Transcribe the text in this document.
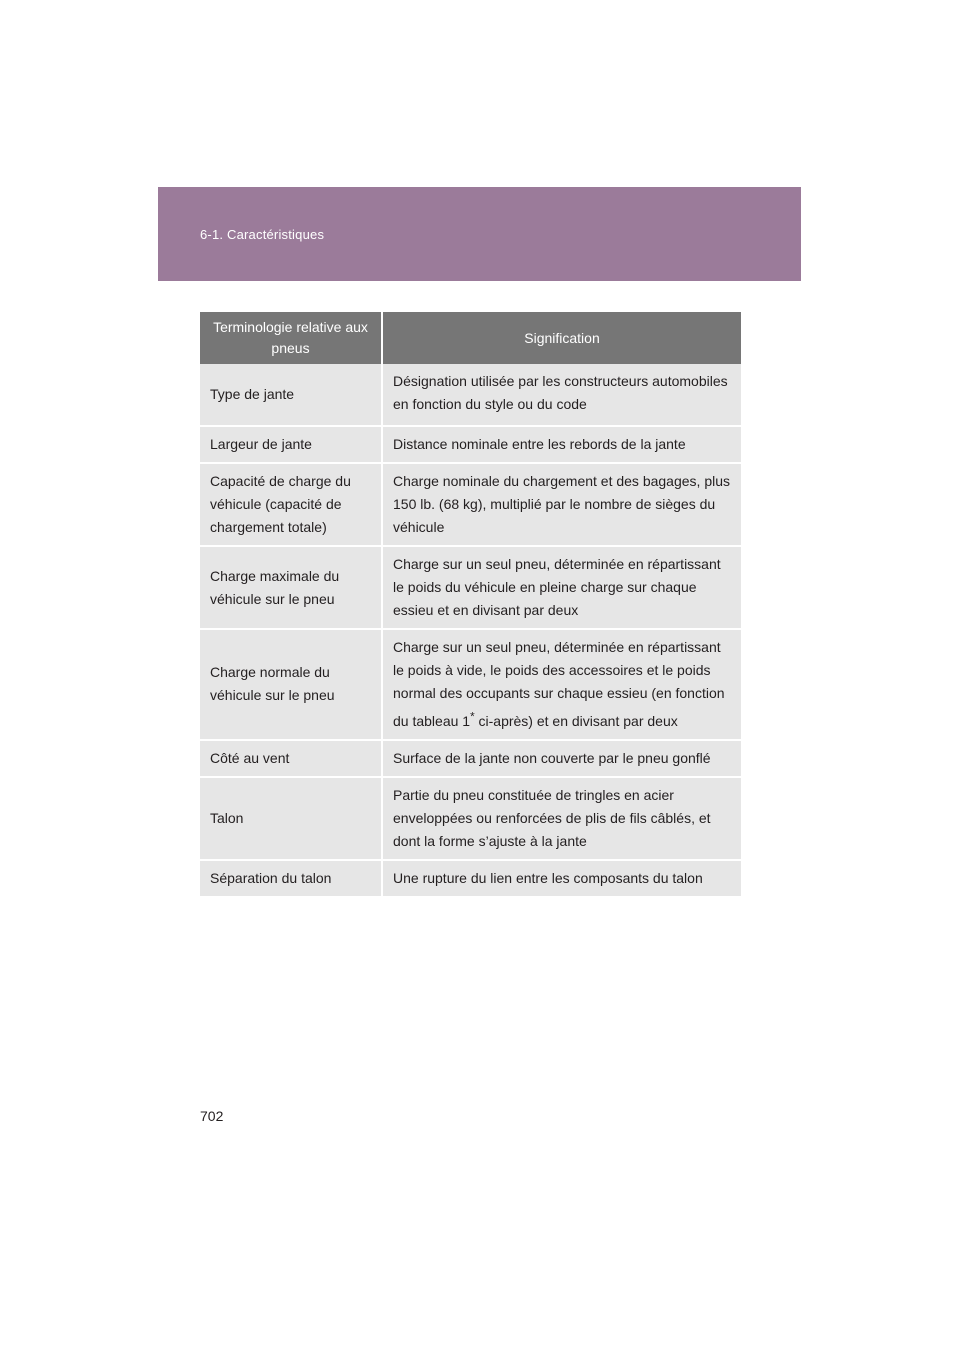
6-1. Caractéristiques
Terminologie relative aux pneus	Signification
Type de jante	Désignation utilisée par les constructeurs automobiles en fonction du style ou du code
Largeur de jante	Distance nominale entre les rebords de la jante
Capacité de charge du véhicule (capacité de chargement totale)	Charge nominale du chargement et des bagages, plus 150 lb. (68 kg), multiplié par le nombre de sièges du véhicule
Charge maximale du véhicule sur le pneu	Charge sur un seul pneu, déterminée en répartissant le poids du véhicule en pleine charge sur chaque essieu et en divisant par deux
Charge normale du véhicule sur le pneu	Charge sur un seul pneu, déterminée en répartissant le poids à vide, le poids des accessoires et le poids normal des occupants sur chaque essieu (en fonction du tableau 1* ci-après) et en divisant par deux
Côté au vent	Surface de la jante non couverte par le pneu gonflé
Talon	Partie du pneu constituée de tringles en acier enveloppées ou renforcées de plis de fils câblés, et dont la forme s’ajuste à la jante
Séparation du talon	Une rupture du lien entre les composants du talon
702
